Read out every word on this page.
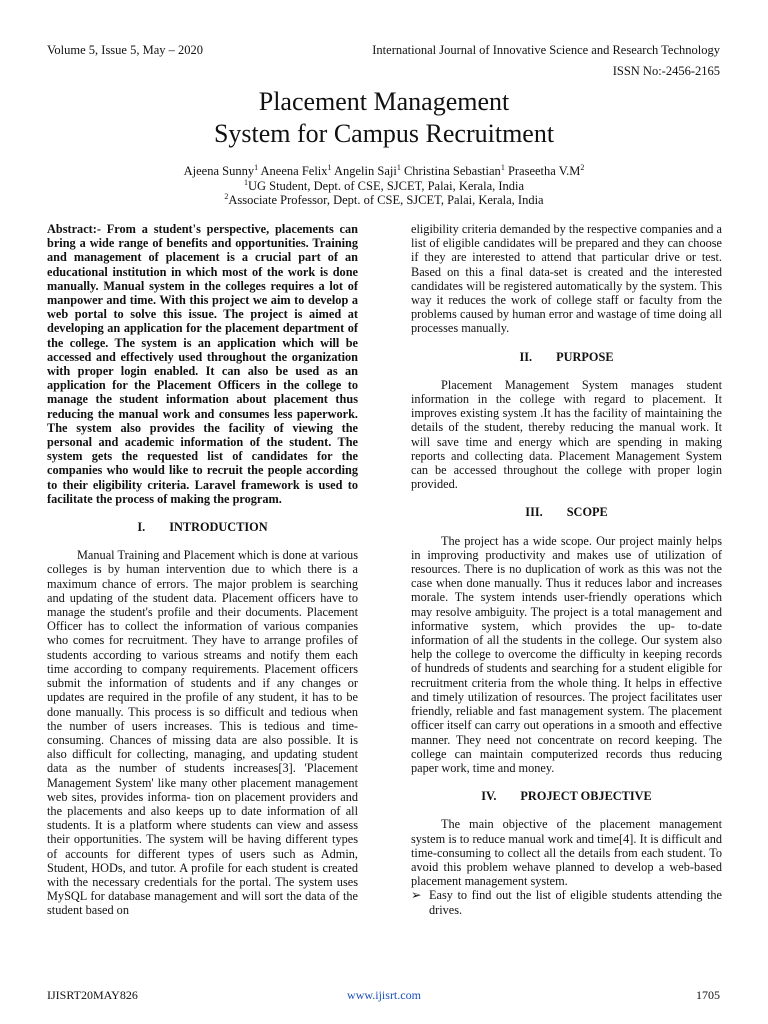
Volume 5, Issue 5, May – 2020	International Journal of Innovative Science and Research Technology
ISSN No:-2456-2165
Placement Management
System for Campus Recruitment
Ajeena Sunny$^1$ Aneena Felix$^1$ Angelin Saji$^1$ Christina Sebastian$^1$ Praseetha $V.M^2$
$^1$UG Student, Dept. of CSE, SJCET, Palai, Kerala, India
$^2$Associate Professor, Dept. of CSE, SJCET, Palai, Kerala, India

Abstract:- From a student's perspective, placements can bring a wide range of benefits and opportunities. Training and management of placement is a crucial part of an educational institution in which most of the work is done manually. Manual system in the colleges requires a lot of manpower and time. With this project we aim to develop a web portal to solve this issue. The project is aimed at developing an application for the placement department of the college. The system is an application which will be accessed and effectively used throughout the organization with proper login enabled. It can also be used as an application for the Placement Officers in the college to manage the student information about placement thus reducing the manual work and consumes less paperwork. The system also provides the facility of viewing the personal and academic information of the student. The system gets the requested list of candidates for the companies who would like to recruit the people according to their eligibility criteria. Laravel framework is used to facilitate the process of making the program.

I. INTRODUCTION

Manual Training and Placement which is done at various colleges is by human intervention due to which there is a maximum chance of errors. The major problem is searching and updating of the student data. Placement officers have to manage the student's profile and their documents. Placement Officer has to collect the information of various companies who comes for recruitment. They have to arrange profiles of students according to various streams and notify them each time according to company requirements. Placement officers submit the information of students and if any changes or updates are required in the profile of any student, it has to be done manually. This process is so difficult and tedious when the number of users increases. This is tedious and time-consuming. Chances of missing data are also possible. It is also difficult for collecting, managing, and updating student data as the number of students increases[3]. 'Placement Management System' like many other placement management web sites, provides informa- tion on placement providers and the placements and also keeps up to date information of all students. It is a platform where students can view and assess their opportunities. The system will be having different types of accounts for different types of users such as Admin, Student, HODs, and tutor. A profile for each student is created with the necessary credentials for the portal. The system uses MySQL for database management and will sort the data of the student based on

eligibility criteria demanded by the respective companies and a list of eligible candidates will be prepared and they can choose if they are interested to attend that particular drive or test. Based on this a final data-set is created and the interested candidates will be registered automatically by the system. This way it reduces the work of college staff or faculty from the problems caused by human error and wastage of time doing all processes manually.

II. PURPOSE

Placement Management System manages student information in the college with regard to placement. It improves existing system .It has the facility of maintaining the details of the student, thereby reducing the manual work. It will save time and energy which are spending in making reports and collecting data. Placement Management System can be accessed throughout the college with proper login provided.

III. SCOPE

The project has a wide scope. Our project mainly helps in improving productivity and makes use of utilization of resources. There is no duplication of work as this was not the case when done manually. Thus it reduces labor and increases morale. The system intends user-friendly operations which may resolve ambiguity. The project is a total management and informative system, which provides the up- to-date information of all the students in the college. Our system also help the college to overcome the difficulty in keeping records of hundreds of students and searching for a student eligible for recruitment criteria from the whole thing. It helps in effective and timely utilization of resources. The project facilitates user friendly, reliable and fast management system. The placement officer itself can carry out operations in a smooth and effective manner. They need not concentrate on record keeping. The college can maintain computerized records thus reducing paper work, time and money.

IV. PROJECT OBJECTIVE

The main objective of the placement management system is to reduce manual work and time[4]. It is difficult and time-consuming to collect all the details from each student. To avoid this problem wehave planned to develop a web-based placement management system.

➢ Easy to find out the list of eligible students attending the drives.

IJISRT20MAY826	www.ijisrt.com	1705
